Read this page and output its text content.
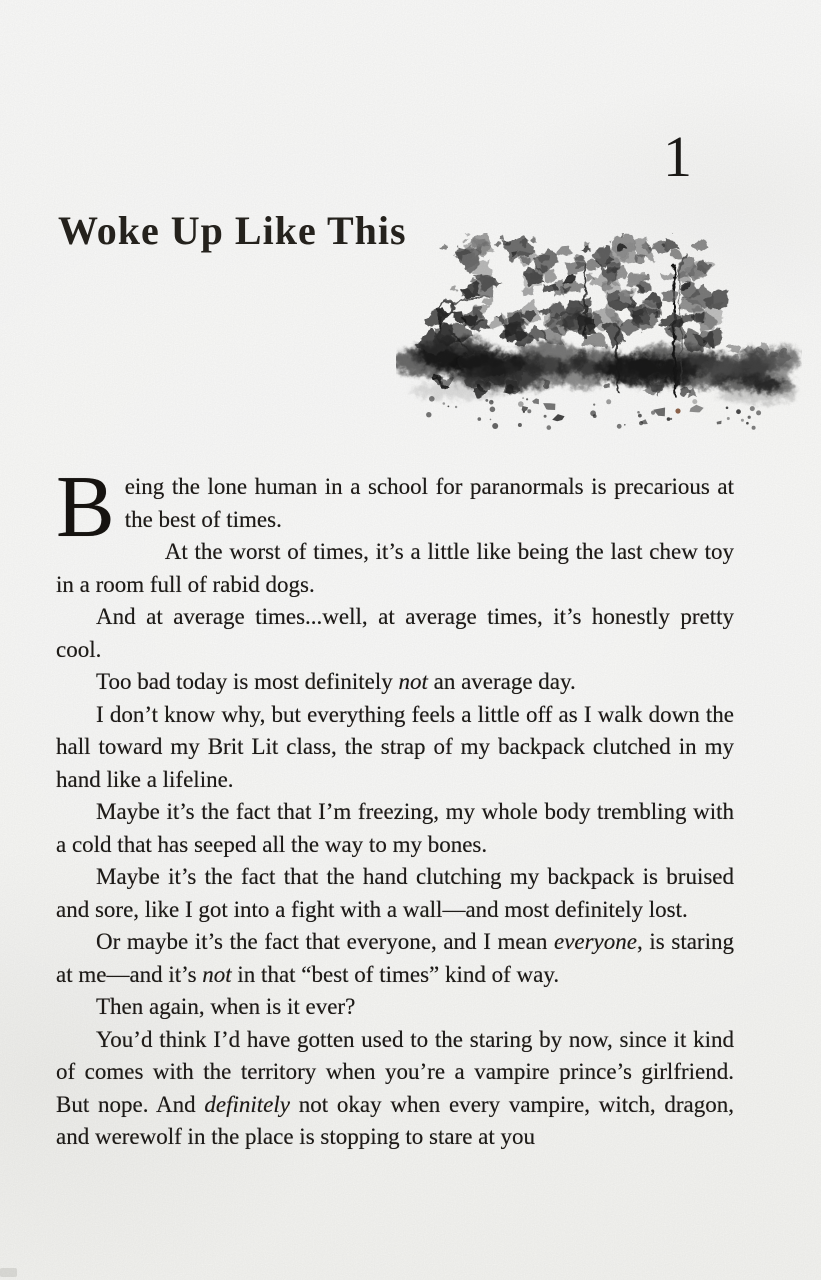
1
Woke Up Like This

Being the lone human in a school for paranormals is precarious at the best of times.

At the worst of times, it’s a little like being the last chew toy in a room full of rabid dogs.

And at average times...well, at average times, it’s honestly pretty cool.

Too bad today is most definitely not an average day.

I don’t know why, but everything feels a little off as I walk down the hall toward my Brit Lit class, the strap of my backpack clutched in my hand like a lifeline.

Maybe it’s the fact that I’m freezing, my whole body trembling with a cold that has seeped all the way to my bones.

Maybe it’s the fact that the hand clutching my backpack is bruised and sore, like I got into a fight with a wall—and most definitely lost.

Or maybe it’s the fact that everyone, and I mean everyone, is staring at me—and it’s not in that “best of times” kind of way.

Then again, when is it ever?

You’d think I’d have gotten used to the staring by now, since it kind of comes with the territory when you’re a vampire prince’s girlfriend. But nope. And definitely not okay when every vampire, witch, dragon, and werewolf in the place is stopping to stare at you
